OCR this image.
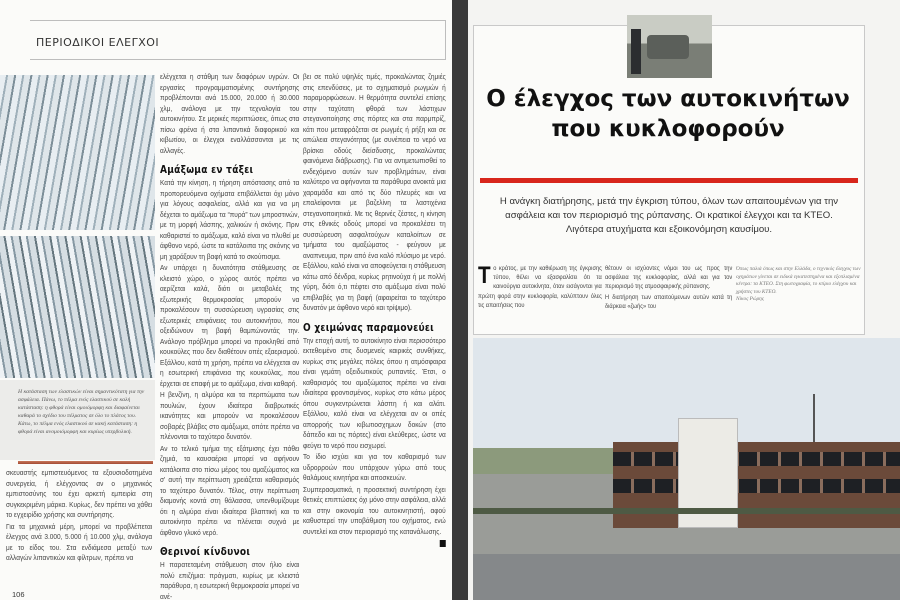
ΠΕΡΙΟΔΙΚΟΙ ΕΛΕΓΧΟΙ
Η κατάσταση των ελαστικών είναι σημαντικότατη για την ασφάλεια. Πάνω, το πέλμα ενός ελαστικού σε καλή κατάσταση: η φθορά είναι ομοιόμορφη και διαφαίνεται καθαρά το σχέδιο του πέλματος σε όλο το πλάτος του. Κάτω, το πέλμα ενός ελαστικού σε κακή κατάσταση: η φθορά είναι ανομοιόμορφη και κυρίως υπερβολική.

σκευαστής εμπιστευόμενος τα εξουσιοδοτημένα συνεργεία, ή ελέγχοντας αν ο μηχανικός εμπιστοσύνης του έχει αρκετή εμπειρία στη συγκεκριμένη μάρκα. Κυρίως, δεν πρέπει να χάθει το εγχειρίδιο χρήσης και συντήρησης.

Για τα μηχανικά μέρη, μπορεί να προβλέπεται έλεγχος ανά 3.000, 5.000 ή 10.000 χλμ, ανάλογα με το είδος του. Στα ενδιάμεσα μεταξύ των αλλαγών λιπαντικών και φίλτρων, πρέπει να

ελέγχεται η στάθμη των διαφόρων υγρών. Οι εργασίες προγραμματισμένης συντήρησης προβλέπονται ανά 15.000, 20.000 ή 30.000 χλμ, ανάλογα με την τεχνολογία του αυτοκινήτου. Σε μερικές περιπτώσεις, όπως στα πίσω φρένα ή στα λιπαντικά διαφορικού και κιβωτίου, οι έλεγχοι εναλλάσσονται με τις αλλαγές.

Αμάξωμα εν τάξει

Κατά την κίνηση, η τήρηση απόστασης από τα προπορευόμενα οχήματα επιβάλλεται όχι μόνο για λόγους ασφαλείας, αλλά και για να μη δέχεται το αμάξωμα τα “πυρά” των μπροστινών, με τη μορφή λάσπης, χαλικιών ή σκόνης. Πριν καθαριστεί το αμάξωμα, καλό είναι να πλυθεί με άφθονο νερό, ώστε τα κατάλοιπα της σκόνης να μη χαράξουν τη βαφή κατά το σκούπισμα.

Αν υπάρχει η δυνατότητα στάθμευσης σε κλειστό χώρο, ο χώρος αυτός πρέπει να αερίζεται καλά, διότι οι μεταβολές της εξωτερικής θερμοκρασίας μπορούν να προκαλέσουν τη συσσώρευση υγρασίας στις εξωτερικές επιφάνειες του αυτοκινήτου, που οξειδώνουν τη βαφή θαμπώνοντάς την. Ανάλογο πρόβλημα μπορεί να προκληθεί από κουκούλες που δεν διαθέτουν οπές εξαερισμού. Εξάλλου, κατά τη χρήση, πρέπει να ελέγχεται αν η εσωτερική επιφάνεια της κουκούλας, που έρχεται σε επαφή με το αμάξωμα, είναι καθαρή.

Η βενζίνη, η αλμύρα και τα περιττώματα των πουλιών, έχουν ιδιαίτερα διαβρωτικές ικανότητες και μπορούν να προκαλέσουν σοβαρές βλάβες στο αμάξωμα, οπότε πρέπει να πλένονται το ταχύτερο δυνατόν.

Αν το τελικό τμήμα της εξάτμισης έχει πάθει ζημιά, τα καυσαέρια μπορεί να αφήνουν κατάλοιπα στο πίσω μέρος του αμαξώματος και σ' αυτή την περίπτωση χρειάζεται καθαρισμός το ταχύτερο δυνατόν. Τέλος, στην περίπτωση διαμονής κοντά στη θάλασσα, υπενθυμίζουμε ότι η αλμύρα είναι ιδιαίτερα βλαπτική και το αυτοκίνητο πρέπει να πλένεται συχνά με άφθονο γλυκό νερό.

Θερινοί κίνδυνοι

Η παρατεταμένη στάθμευση στον ήλιο είναι πολύ επιζήμια: πράγματι, κυρίως με κλειστά παράθυρα, η εσωτερική θερμοκρασία μπορεί να ανέ-

βει σε πολύ υψηλές τιμές, προκαλώντας ζημιές στις επενδύσεις, με το σχηματισμό ρωγμών ή παραμορφώσεων. Η θερμότητα συντελεί επίσης στην ταχύτατη φθορά των λάστιχων στεγανοποίησης στις πόρτες και στα παρμπρίζ, κάτι που μεταφράζεται σε ρωγμές ή ρήξη και σε απώλεια στεγανότητας (με συνέπεια το νερό να βρίσκει οδούς διείσδυσης, προκαλώντας φαινόμενα διάβρωσης). Για να αντιμετωπισθεί το ενδεχόμενο αυτών των προβλημάτων, είναι καλύτερο να αφήνονται τα παράθυρα ανοικτά μια χαραμάδα και από τις δύο πλευρές και να επαλείφονται με βαζελίνη τα λαστιχένια στεγανοποιητικά. Με τις θερινές ζέστες, η κίνηση στις εθνικές οδούς μπορεί να προκαλέσει τη συσσώρευση ασφαλτούχων καταλοίπων σε τμήματα του αμαξώματος - φεύγουν με αναπνευμα, πριν από ένα καλό πλύσιμο με νερό. Εξάλλου, καλό είναι να αποφεύγεται η στάθμευση κάτω από δένδρα, κυρίως ρητινούχα ή με πολλή γύρη, διότι ό,τι πέφτει στο αμάξωμα είναι πολύ επιβλαβές για τη βαφή (αφαιρείται το ταχύτερο δυνατόν με άφθονο νερό και τρίψιμο).

Ο χειμώνας παραμονεύει

Την εποχή αυτή, το αυτοκίνητο είναι περισσότερο εκτεθειμένο στις δυσμενείς καιρικές συνθήκες, κυρίως στις μεγάλες πόλεις όπου η ατμόσφαιρα είναι γεμάτη οξειδωτικούς ρυπαντές. Έτσι, ο καθαρισμός του αμαξώματος πρέπει να είναι ιδιαίτερα φροντισμένος, κυρίως στο κάτω μέρος όπου συγκεντρώνεται λάσπη ή και αλάτι. Εξάλλου, καλό είναι να ελέγχεται αν οι οπές απορροής των κιβωτιοσχημων δοκών (στο δάπεδο και τις πόρτες) είναι ελεύθερες, ώστε να φεύγει το νερό που εισχωρεί.

Το ίδιο ισχύει και για τον καθαρισμό των υδρορροών που υπάρχουν γύρω από τους θαλάμους κινητήρα και αποσκευών.

Συμπερασματικά, η προσεκτική συντήρηση έχει θετικές επιπτώσεις όχι μόνο στην ασφάλεια, αλλά και στην οικονομία του αυτοκινητιστή, αφού καθυστερεί την υποβάθμιση του οχήματος, ενώ συντελεί και στον περιορισμό της κατανάλωσης.

106
Ο έλεγχος των αυτοκινήτων
που κυκλοφορούν
Η ανάγκη διατήρησης, μετά την έγκριση τύπου, όλων των απαιτουμένων για την ασφάλεια και τον περιορισμό της ρύπανσης. Οι κρατικοί έλεγχοι και τα ΚΤΕΟ. Λιγότερα ατυχήματα και εξοικονόμηση καυσίμου.
Το κράτος, με την καθιέρωση της έγκρισης τύπου, θέλει να εξασφαλίσει ότι τα καινούργια αυτοκίνητα, όταν εισάγονται για πρώτη φορά στην κυκλοφορία, καλύπτουν όλες τις απαιτήσεις που

θέτουν οι ισχύοντες νόμοι του ως προς την ασφάλεια της κυκλοφορίας, αλλά και για τον περιορισμό της ατμοσφαιρικής ρύπανσης.

Η διατήρηση των απαιτούμενων αυτών κατά τη διάρκεια «ζωής» του

Όπως παλιά όπως και στην Ελλάδα, ο τεχνικός έλεγχος των οχημάτων γίνεται σε ειδικά εγκατεστημένα και εξοπλισμένα κέντρα: τα ΚΤΕΟ. Στη φωτογραφία, το κτίριο ελέγχου και χρήστες του ΚΤΕΟ.
Νίκος Ρώρης
